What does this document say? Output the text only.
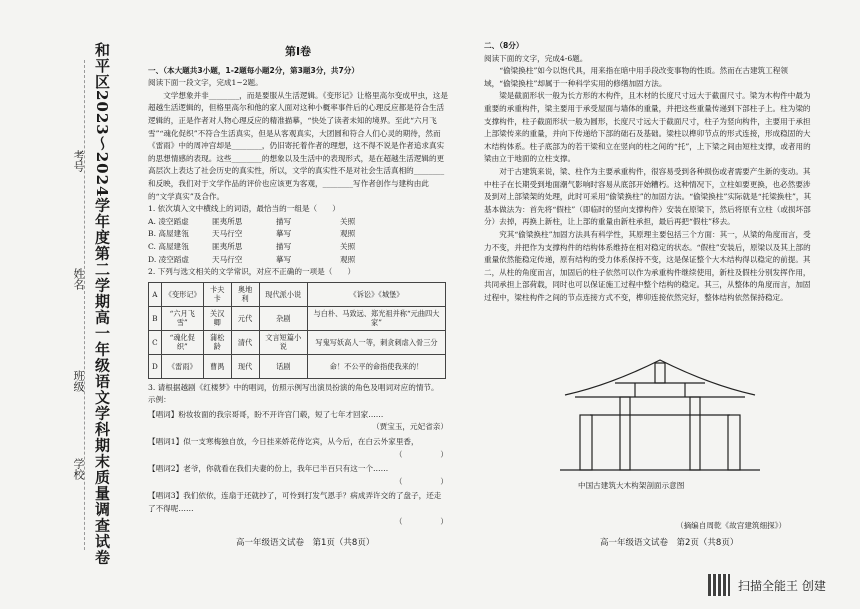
和平区2023～2024学年度第二学期高一年级语文学科期末质量调查试卷
考号
姓名
班级
学校
第Ⅰ卷
一、（本大题共3小题，1-2题每小题2分，第3题3分，共7分）

阅读下面一段文字，完成1~2题。

文学想象并非________，而是要服从生活逻辑。《变形记》让格里高尔变成甲虫，这是超越生活逻辑的，但格里高尔和他的家人面对这种小概率事件后的心理反应都是符合生活逻辑的，正是作者对人物心理反应的精准描摹，“快处了读者未知的境界。至此“六月飞雪”“魂化促织”不符合生活真实，但是从客观真实，大团圆和符合人们心灵的期待，然而《雷雨》中的周冲宫却是________，仍旧寄托着作者的理想，这不得不说是作者追求真实的思想情感的表现。这些________的想象以及生活中的表现形式，是在超越生活逻辑的更高层次上表达了社会历史的真实性，所以，文学的真实性不是对社会生活真相的________和反映，我们对于文学作品的评价也应该更为客观，________写作者创作与建构由此的“文学真实”及合作。

1. 依次填入文中横线上的词语，最恰当的一组是（　　）

A. 凌空蹈虚	匪夷所思	描写	关照
B. 高屋建瓴	天马行空	摹写	观照
C. 高屋建瓴	匪夷所思	描写	关照
D. 凌空蹈虚	天马行空	摹写	观照

2. 下列与选文相关的文学常识，对应不正确的一项是（　　）

A	《变形记》	卡夫卡	奥地利	现代派小说	《诉讼》《城堡》
B	“六月飞雪”	关汉卿	元代	杂剧	与白朴、马致远、郑光祖并称“元曲四大家”
C	“魂化促织”	蒲松龄	清代	文言短篇小说	写鬼写妖高人一等，刺贪刺虐入骨三分
D	《雷雨》	曹禺	现代	话剧	命！不公平的命指使我来的！

3. 请根据越剧《红楼梦》中的唱词，仿照示例写出演员扮演的角色及唱词对应的情节。

示例：

【唱词】粉妆妆面的我宗哥哥，盼不开许宫门毂，短了七年才回家……
（贾宝玉，元妃省亲）
【唱词1】似一支寒梅独自放，今日挂来娇花侍讫宾，从今后，在白云外家里香，
（　　　　　）
【唱词2】老爷，你就看在我们夫妻的份上，我年已半百只有这一个……
（　　　　　）
【唱词3】我们依依，连扇于还就抄了，可怜到打发气恩手？病成弄许交的了盘子，还走了不得呢……
（　　　　　）
二、（8分）

阅读下面的文字，完成4-6题。

“偷梁换柱”如今以饱代具，用来指在暗中用手段改变事物的性质。然而在古建筑工程领域，“偷梁换柱”却属于一种科学实用的修缮加固方法。

梁是截面形状一般为长方形的木构件，且木材的长度尺寸远大于截面尺寸。梁为木构件中最为重要的承重构件，梁主要用于承受屋面与墙体的重量，并把这些重量传递到下部柱子上。柱为梁的支撑构件，柱子截面形状一般为圆形，长度尺寸远大于截面尺寸，柱子为竖向构件，主要用于承担上部梁传来的重量，并向下传递给下部的础石及基础。梁柱以榫卯节点的形式连接，形成稳固的大木结构体系。柱子底部为的若干梁和立在竖向的柱之间的“托”，上下梁之间由短柱支撑，或者用的梁由立于地面的立柱支撑。

对于古建筑来说，梁、柱作为主要承重构件，很容易受到各种损伤或者需要产生新的变动。其中柱子在长期受到地面潮气影响时容易从底部开始糟朽。这种情况下，立柱如要更换，也必然要涉及到对上部梁架的处理，此时可采用“偷梁换柱”的加固方法。“偷梁换柱”实际就是“托梁换柱”，其基本做法为：首先将“假柱”（即临时的竖向支撑构件）安装在原梁下，然后将原有立柱（或损坏部分）去掉，再换上新柱，让上部的重量由新柱承担，最后再把“假柱”移去。

究其“偷梁换柱”加固方法具有科学性，其原理主要包括三个方面：其一，从梁的角度而言，受力不变，并把作为支撑构件的结构体系维持在相对稳定的状态。“假柱”安装后，原梁以及其上部的重量依然能稳定传递，原有结构的受力体系保持不变，这是保证整个大木结构得以稳定的前提。其二，从柱的角度而言，加固后的柱子依然可以作为承重构件继续使用，新柱及假柱分别发挥作用，共同承担上部荷载，同时也可以保证施工过程中整个结构的稳定。其三，从整体的角度而言，加固过程中，梁柱构件之间的节点连接方式不变，榫卯连接依然完好，整体结构依然保持稳定。

中国古建筑大木构架剖面示意图
（摘编自周乾《故宫建筑细探》）
高一年级语文试卷　第1页（共8页）	高一年级语文试卷　第2页（共8页）
扫描全能王 创建
